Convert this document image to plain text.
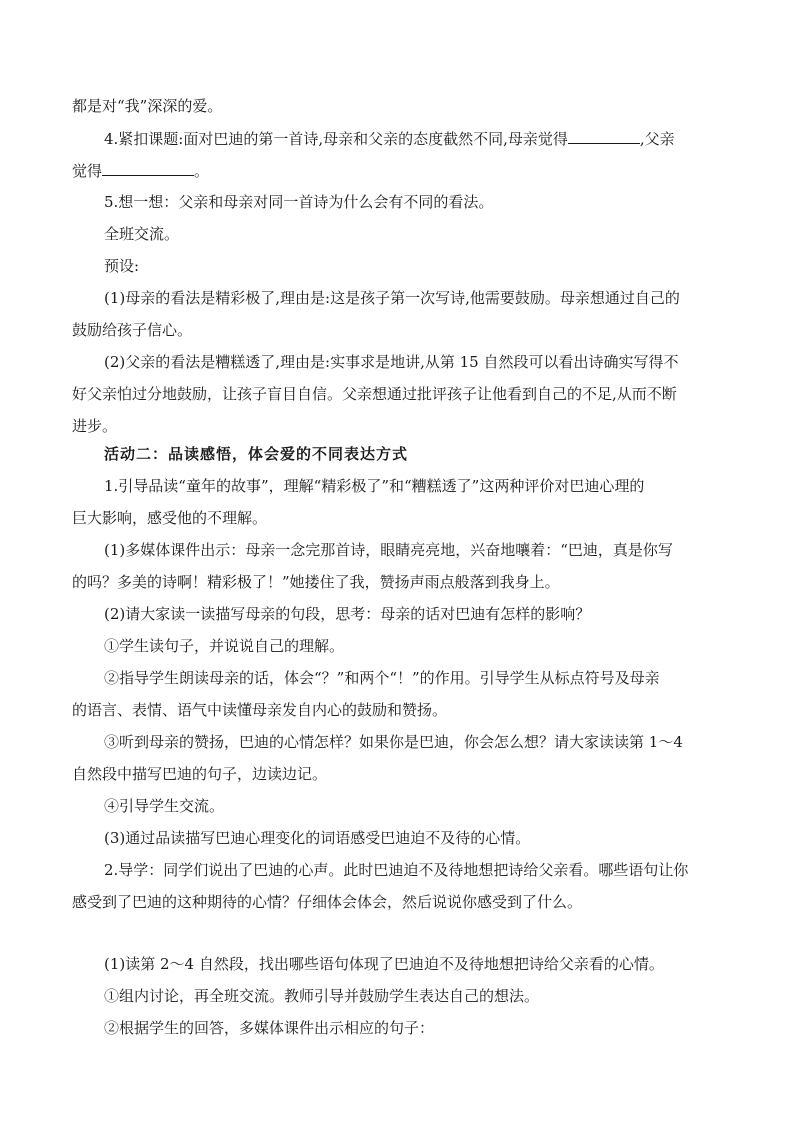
都是对“我”深深的爱。
4.紧扣课题:面对巴迪的第一首诗,母亲和父亲的态度截然不同,母亲觉得	,父亲
觉得	。
5.想一想：父亲和母亲对同一首诗为什么会有不同的看法。
全班交流。
预设:
(1)母亲的看法是精彩极了,理由是:这是孩子第一次写诗,他需要鼓励。母亲想通过自己的
鼓励给孩子信心。
(2)父亲的看法是糟糕透了,理由是:实事求是地讲,从第 15 自然段可以看出诗确实写得不
好父亲怕过分地鼓励，让孩子盲目自信。父亲想通过批评孩子让他看到自己的不足,从而不断
进步。
活动二：品读感悟，体会爱的不同表达方式
1.引导品读“童年的故事”，理解“精彩极了”和“糟糕透了”这两种评价对巴迪心理的
巨大影响，感受他的不理解。
(1)多媒体课件出示：母亲一念完那首诗，眼睛亮亮地，兴奋地嚷着：“巴迪，真是你写
的吗？多美的诗啊！精彩极了！”她搂住了我，赞扬声雨点般落到我身上。
(2)请大家读一读描写母亲的句段，思考：母亲的话对巴迪有怎样的影响？
①学生读句子，并说说自己的理解。
②指导学生朗读母亲的话，体会“？”和两个“！”的作用。引导学生从标点符号及母亲
的语言、表情、语气中读懂母亲发自内心的鼓励和赞扬。
③听到母亲的赞扬，巴迪的心情怎样？如果你是巴迪，你会怎么想？请大家读读第 1～4
自然段中描写巴迪的句子，边读边记。
④引导学生交流。
(3)通过品读描写巴迪心理变化的词语感受巴迪迫不及待的心情。
2.导学：同学们说出了巴迪的心声。此时巴迪迫不及待地想把诗给父亲看。哪些语句让你
感受到了巴迪的这种期待的心情？仔细体会体会，然后说说你感受到了什么。
(1)读第 2～4 自然段，找出哪些语句体现了巴迪迫不及待地想把诗给父亲看的心情。
①组内讨论，再全班交流。教师引导并鼓励学生表达自己的想法。
②根据学生的回答，多媒体课件出示相应的句子：
